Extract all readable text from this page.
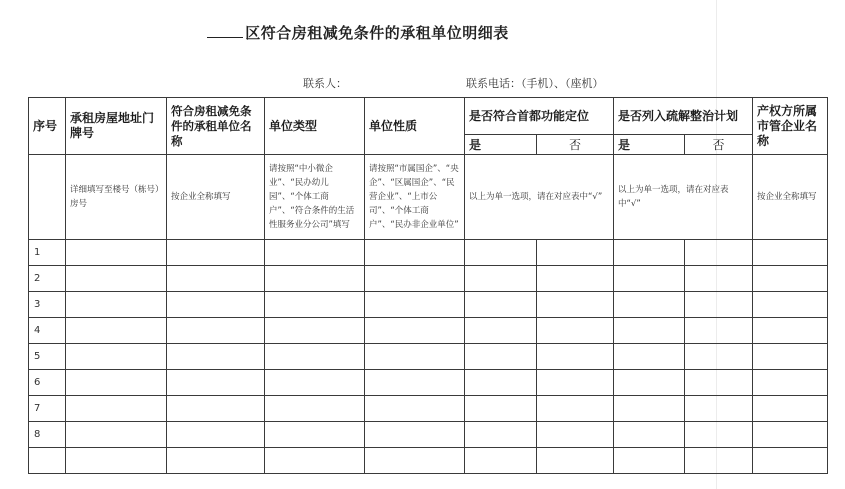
区符合房租减免条件的承租单位明细表
联系人：	联系电话：（手机）、（座机）
序号	承租房屋地址门牌号	符合房租减免条件的承租单位名称	单位类型	单位性质	是否符合首都功能定位		是否列入疏解整治计划		产权方所属市管企业名称
					是	否	是	否	
	详细填写至楼号（栋号）房号	按企业全称填写	请按照“中小微企业”、“民办幼儿园”、“个体工商户”、“符合条件的生活性服务业分公司”填写	请按照“市属国企”、“央企”、“区属国企”、“民营企业”、“上市公司”、“个体工商户”、“民办非企业单位”	以上为单一选项，请在对应表中“√”		以上为单一选项，请在对应表中“√”		按企业全称填写
1									
2									
3									
4									
5									
6									
7									
8									
